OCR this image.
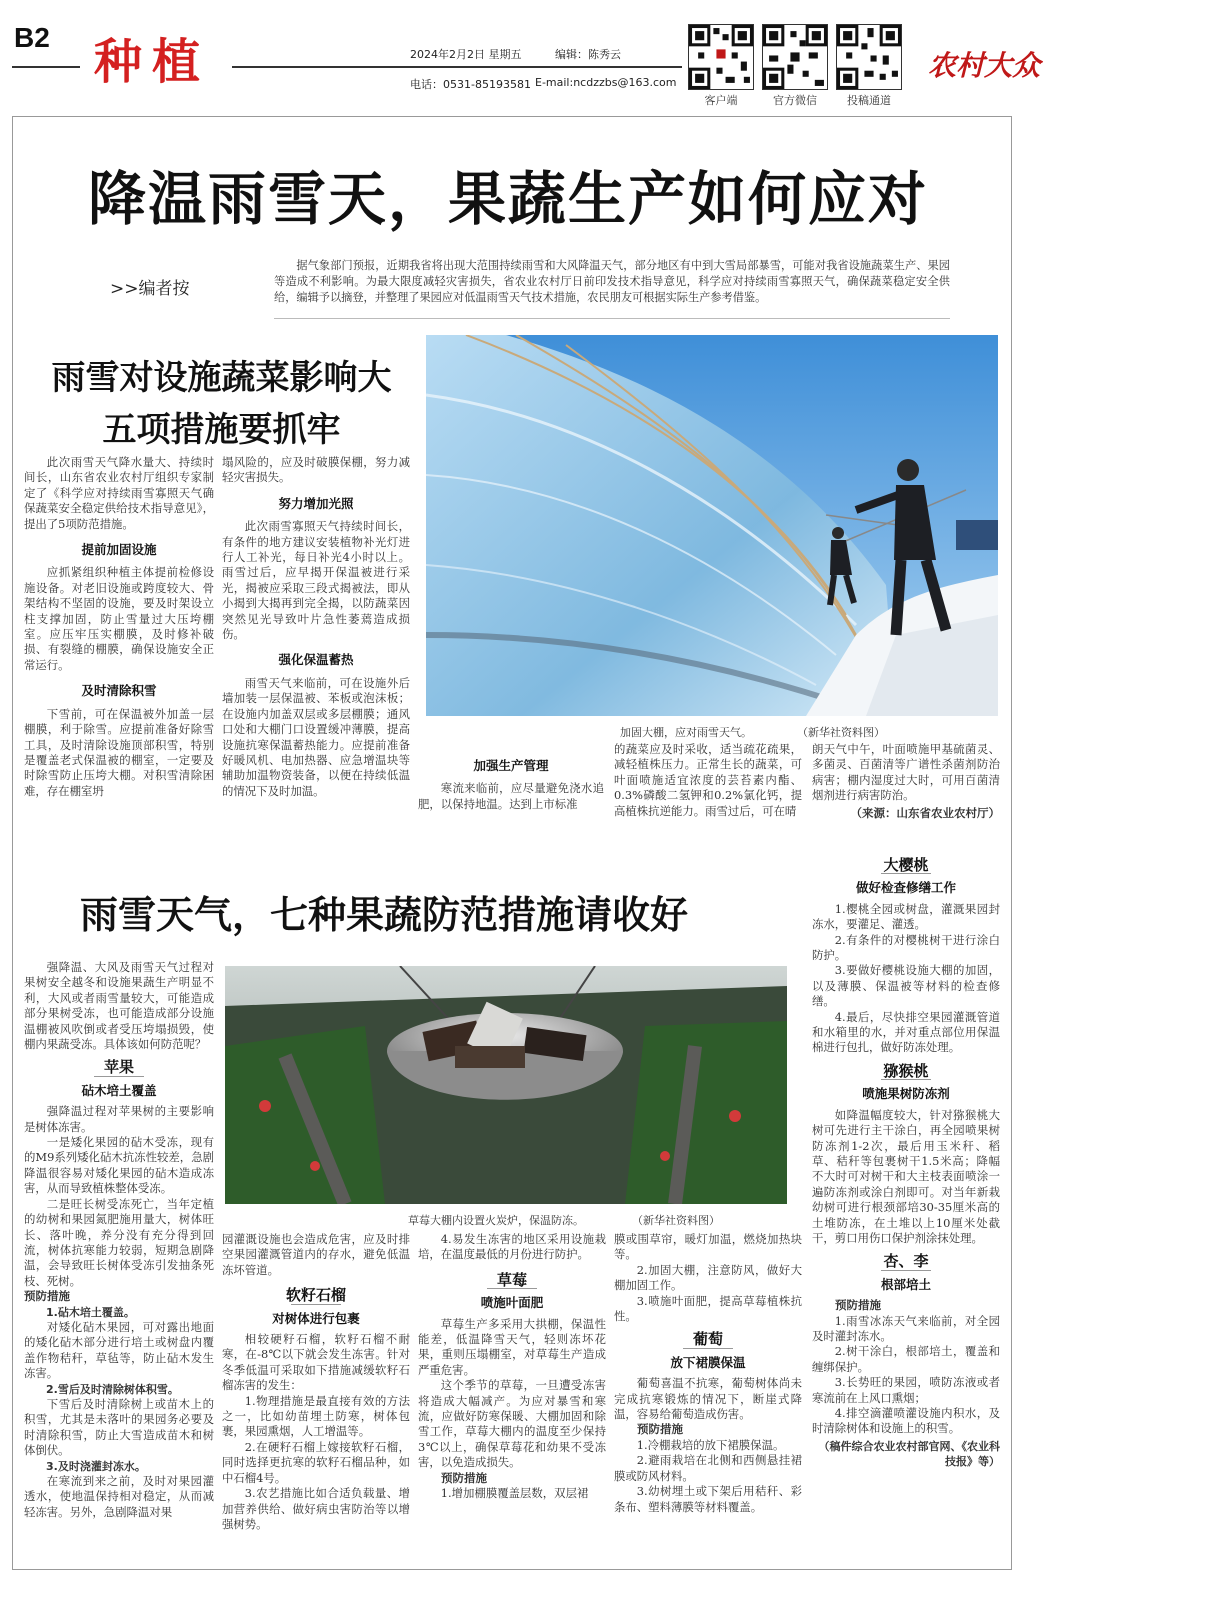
B2 种植	2024年2月2日 星期五	编辑：陈秀云
电话：0531-85193581 E-mail:ncdzzbs@163.com
客户端	官方微信	投稿通道
农村大众
降温雨雪天，果蔬生产如何应对
>>编者按

据气象部门预报，近期我省将出现大范围持续雨雪和大风降温天气，部分地区有中到大雪局部暴雪，可能对我省设施蔬菜生产、果园等造成不利影响。为最大限度减轻灾害损失，省农业农村厅日前印发技术指导意见，科学应对持续雨雪寡照天气，确保蔬菜稳定安全供给，编辑予以摘登，并整理了果园应对低温雨雪天气技术措施，农民朋友可根据实际生产参考借鉴。

雨雪对设施蔬菜影响大
五项措施要抓牢

此次雨雪天气降水量大、持续时间长，山东省农业农村厅组织专家制定了《科学应对持续雨雪寡照天气确保蔬菜安全稳定供给技术指导意见》，提出了5项防范措施。

提前加固设施

应抓紧组织种植主体提前检修设施设备。对老旧设施或跨度较大、骨架结构不坚固的设施，要及时架设立柱支撑加固，防止雪量过大压垮棚室。应压牢压实棚膜，及时修补破损、有裂缝的棚膜，确保设施安全正常运行。

及时清除积雪

下雪前，可在保温被外加盖一层棚膜，利于除雪。应提前准备好除雪工具，及时清除设施顶部积雪，特别是覆盖老式保温被的棚室，一定要及时除雪防止压垮大棚。对积雪清除困难，存在棚室坍

塌风险的，应及时破膜保棚，努力减轻灾害损失。

努力增加光照

此次雨雪寡照天气持续时间长，有条件的地方建议安装植物补光灯进行人工补光，每日补光4小时以上。雨雪过后，应早揭开保温被进行采光，揭被应采取三段式揭被法，即从小揭到大揭再到完全揭，以防蔬菜因突然见光导致叶片急性萎蔫造成损伤。

强化保温蓄热

雨雪天气来临前，可在设施外后墙加装一层保温被、苯板或泡沫板；在设施内加盖双层或多层棚膜；通风口处和大棚门口设置缓冲薄膜，提高设施抗寒保温蓄热能力。应提前准备好暖风机、电加热器、应急增温块等辅助加温物资装备，以便在持续低温的情况下及时加温。

加固大棚，应对雨雪天气。	（新华社资料图）
加强生产管理

寒流来临前，应尽量避免浇水追肥，以保持地温。达到上市标准

的蔬菜应及时采收，适当疏花疏果，减轻植株压力。正常生长的蔬菜，可叶面喷施适宜浓度的芸苔素内酯、0.3%磷酸二氢钾和0.2%氯化钙，提高植株抗逆能力。雨雪过后，可在晴

朗天气中午，叶面喷施甲基硫菌灵、多菌灵、百菌清等广谱性杀菌剂防治病害；棚内湿度过大时，可用百菌清烟剂进行病害防治。

（来源：山东省农业农村厅）
雨雪天气，七种果蔬防范措施请收好

强降温、大风及雨雪天气过程对果树安全越冬和设施果蔬生产明显不利，大风或者雨雪量较大，可能造成部分果树受冻，也可能造成部分设施温棚被风吹倒或者受压垮塌损毁，使棚内果蔬受冻。具体该如何防范呢？

苹果
砧木培土覆盖

强降温过程对苹果树的主要影响是树体冻害。

一是矮化果园的砧木受冻，现有的M9系列矮化砧木抗冻性较差，急剧降温很容易对矮化果园的砧木造成冻害，从而导致植株整体受冻。

二是旺长树受冻死亡，当年定植的幼树和果园氮肥施用量大，树体旺长、落叶晚，养分没有充分得到回流，树体抗寒能力较弱，短期急剧降温，会导致旺长树体受冻引发抽条死枝、死树。

预防措施

1.砧木培土覆盖。

对矮化砧木果园，可对露出地面的矮化砧木部分进行培土或树盘内覆盖作物秸秆，草毡等，防止砧木发生冻害。

2.雪后及时清除树体积雪。

下雪后及时清除树上或苗木上的积雪，尤其是未落叶的果园务必要及时清除积雪，防止大雪造成苗木和树体倒伏。

3.及时浇灌封冻水。

在寒流到来之前，及时对果园灌透水，使地温保持相对稳定，从而减轻冻害。另外，急剧降温对果

草莓大棚内设置火炭炉，保温防冻。	（新华社资料图）

园灌溉设施也会造成危害，应及时排空果园灌溉管道内的存水，避免低温冻坏管道。

软籽石榴
对树体进行包裹

相较硬籽石榴，软籽石榴不耐寒，在-8℃以下就会发生冻害。针对冬季低温可采取如下措施减缓软籽石榴冻害的发生：

1.物理措施是最直接有效的方法之一，比如幼苗埋土防寒，树体包裹，果园熏烟，人工增温等。

2.在硬籽石榴上嫁接软籽石榴，同时选择更抗寒的软籽石榴品种，如中石榴4号。

3.农艺措施比如合适负载量、增加营养供给、做好病虫害防治等以增强树势。

4.易发生冻害的地区采用设施栽培，在温度最低的月份进行防护。

草莓
喷施叶面肥

草莓生产多采用大拱棚，保温性能差，低温降雪天气，轻则冻坏花果，重则压塌棚室，对草莓生产造成严重危害。

这个季节的草莓，一旦遭受冻害将造成大幅减产。为应对暴雪和寒流，应做好防寒保暖、大棚加固和除雪工作，草莓大棚内的温度至少保持3℃以上，确保草莓花和幼果不受冻害，以免造成损失。

预防措施

1.增加棚膜覆盖层数，双层裙

膜或围草帘，暖灯加温，燃烧加热块等。

2.加固大棚，注意防风，做好大棚加固工作。

3.喷施叶面肥，提高草莓植株抗性。

葡萄
放下裙膜保温

葡萄喜温不抗寒，葡萄树体尚未完成抗寒锻炼的情况下，断崖式降温，容易给葡萄造成伤害。

预防措施

1.冷棚栽培的放下裙膜保温。

2.避雨栽培在北侧和西侧悬挂裙膜或防风材料。

3.幼树埋土或下架后用秸秆、彩条布、塑料薄膜等材料覆盖。

大樱桃
做好检查修缮工作

1.樱桃全园或树盘，灌溉果园封冻水，要灌足、灌透。

2.有条件的对樱桃树干进行涂白防护。

3.要做好樱桃设施大棚的加固，以及薄膜、保温被等材料的检查修缮。

4.最后，尽快排空果园灌溉管道和水箱里的水，并对重点部位用保温棉进行包扎，做好防冻处理。

猕猴桃
喷施果树防冻剂

如降温幅度较大，针对猕猴桃大树可先进行主干涂白，再全园喷果树防冻剂1-2次，最后用玉米秆、稻草、秸秆等包裹树干1.5米高；降幅不大时可对树干和大主枝表面喷涂一遍防冻剂或涂白剂即可。对当年新栽幼树可进行根颈部培30-35厘米高的土堆防冻，在土堆以上10厘米处截干，剪口用伤口保护剂涂抹处理。

杏、李
根部培土
预防措施

1.雨雪冰冻天气来临前，对全园及时灌封冻水。

2.树干涂白，根部培土，覆盖和缠绑保护。

3.长势旺的果园，喷防冻液或者寒流前在上风口熏烟；

4.排空滴灌喷灌设施内积水，及时清除树体和设施上的积雪。

（稿件综合农业农村部官网、《农业科技报》等）
